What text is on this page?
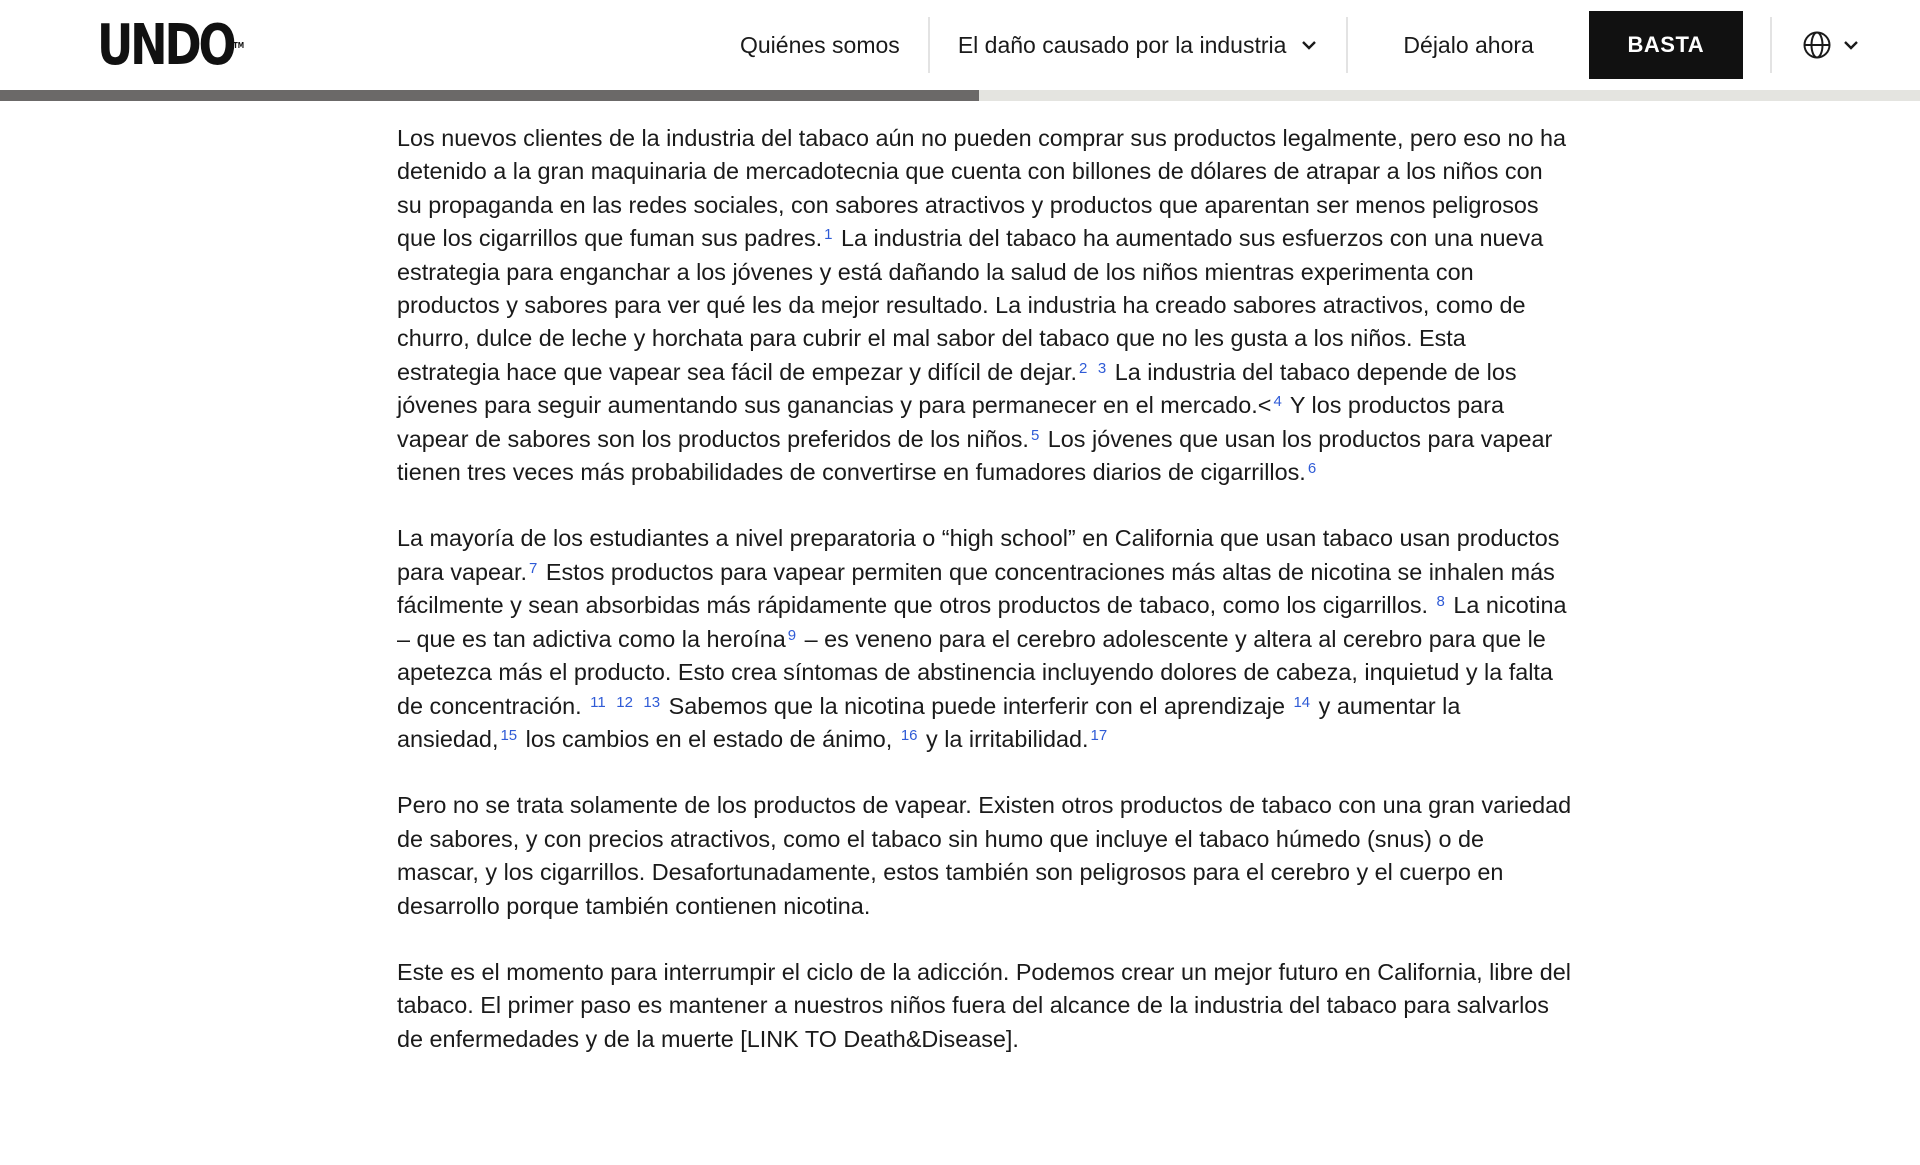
UNDOTM	Quiénes somos	El daño causado por la industria	Déjalo ahora	BASTA

Los nuevos clientes de la industria del tabaco aún no pueden comprar sus productos legalmente, pero eso no ha detenido a la gran maquinaria de mercadotecnia que cuenta con billones de dólares de atrapar a los niños con su propaganda en las redes sociales, con sabores atractivos y productos que aparentan ser menos peligrosos que los cigarrillos que fuman sus padres. $^1$ La industria del tabaco ha aumentado sus esfuerzos con una nueva estrategia para enganchar a los jóvenes y está dañando la salud de los niños mientras experimenta con productos y sabores para ver qué les da mejor resultado. La industria ha creado sabores atractivos, como de churro, dulce de leche y horchata para cubrir el mal sabor del tabaco que no les gusta a los niños. Esta estrategia hace que vapear sea fácil de empezar y difícil de dejar. $^2$ $^3$ La industria del tabaco depende de los jóvenes para seguir aumentando sus ganancias y para permanecer en el mercado.< $^4$ Y los productos para vapear de sabores son los productos preferidos de los niños. $^5$ Los jóvenes que usan los productos para vapear tienen tres veces más probabilidades de convertirse en fumadores diarios de cigarrillos. $^6$

La mayoría de los estudiantes a nivel preparatoria o “high school” en California que usan tabaco usan productos para vapear. $^7$ Estos productos para vapear permiten que concentraciones más altas de nicotina se inhalen más fácilmente y sean absorbidas más rápidamente que otros productos de tabaco, como los cigarrillos. $^8$ La nicotina – que es tan adictiva como la heroína $^9$ – es veneno para el cerebro adolescente y altera al cerebro para que le apetezca más el producto. Esto crea síntomas de abstinencia incluyendo dolores de cabeza, inquietud y la falta de concentración. $^{11}$ $^{12}$ $^{13}$ Sabemos que la nicotina puede interferir con el aprendizaje $^{14}$ y aumentar la ansiedad, $^{15}$ los cambios en el estado de ánimo, $^{16}$ y la irritabilidad. $^{17}$

Pero no se trata solamente de los productos de vapear. Existen otros productos de tabaco con una gran variedad de sabores, y con precios atractivos, como el tabaco sin humo que incluye el tabaco húmedo (snus) o de mascar, y los cigarrillos. Desafortunadamente, estos también son peligrosos para el cerebro y el cuerpo en desarrollo porque también contienen nicotina.

Este es el momento para interrumpir el ciclo de la adicción. Podemos crear un mejor futuro en California, libre del tabaco. El primer paso es mantener a nuestros niños fuera del alcance de la industria del tabaco para salvarlos de enfermedades y de la muerte [LINK TO Death&Disease].
